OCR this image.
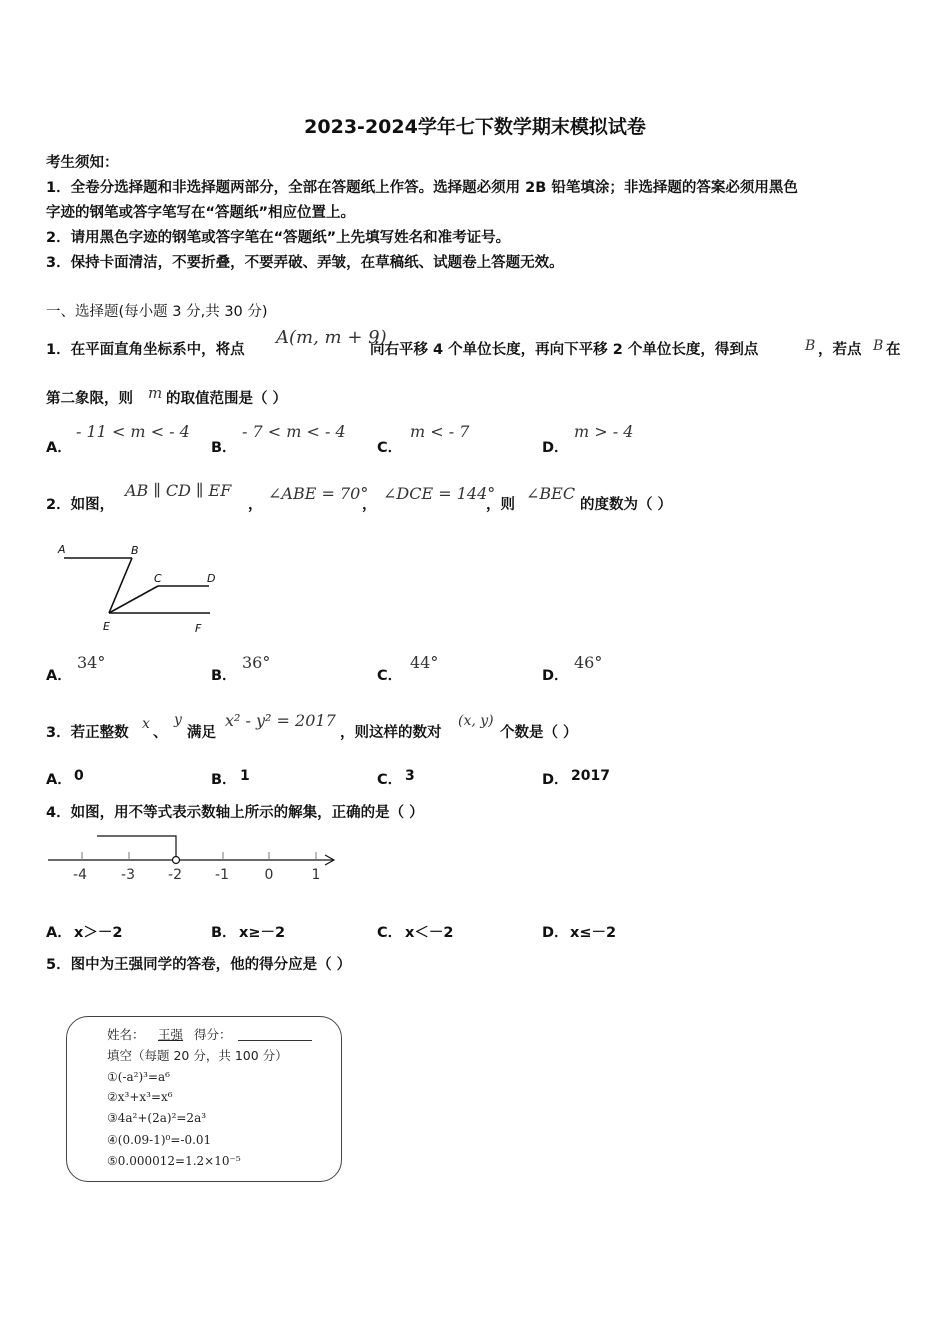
2023-2024学年七下数学期末模拟试卷
考生须知：
1．全卷分选择题和非选择题两部分，全部在答题纸上作答。选择题必须用 2B 铅笔填涂；非选择题的答案必须用黑色
字迹的钢笔或答字笔写在“答题纸”相应位置上。
2．请用黑色字迹的钢笔或答字笔在“答题纸”上先填写姓名和准考证号。
3．保持卡面清洁，不要折叠，不要弄破、弄皱，在草稿纸、试题卷上答题无效。
一、选择题(每小题 3 分,共 30 分)
1．在平面直角坐标系中，将点
A(m, m + 9)
向右平移 4 个单位长度，再向下平移 2 个单位长度，得到点	B ，若点 B 在
第二象限，则 m 的取值范围是（ ）
A．
- 11 < m < - 4
B．
- 7 < m < - 4
C．
m < - 7
D．
m > - 4
2．如图，
AB ∥ CD ∥ EF
，
∠ABE = 70°
，
∠DCE = 144°
，则
∠BEC
的度数为（ ）
A	B
C	D
E	F
A．
34°
B．
36°
C．
44°
D．
46°
3．若正整数
x
、
y
满足
x² - y² = 2017
，则这样的数对
(x, y)
个数是（ ）
A． 0	B． 1	C． 3	D． 2017
4．如图，用不等式表示数轴上所示的解集，正确的是（ ）
-4 -3 -2 -1	0	1
A． x＞－2	B． x≥－2	C． x＜－2	D． x≤－2
5．图中为王强同学的答卷，他的得分应是（ ）
姓名： 王强 得分：
填空（每题 20 分，共 100 分）
①(-a²)³=a⁶
②x³+x³=x⁶
③4a²+(2a)²=2a³
④(0.09-1)⁰=-0.01
⑤0.000012=1.2×10⁻⁵
